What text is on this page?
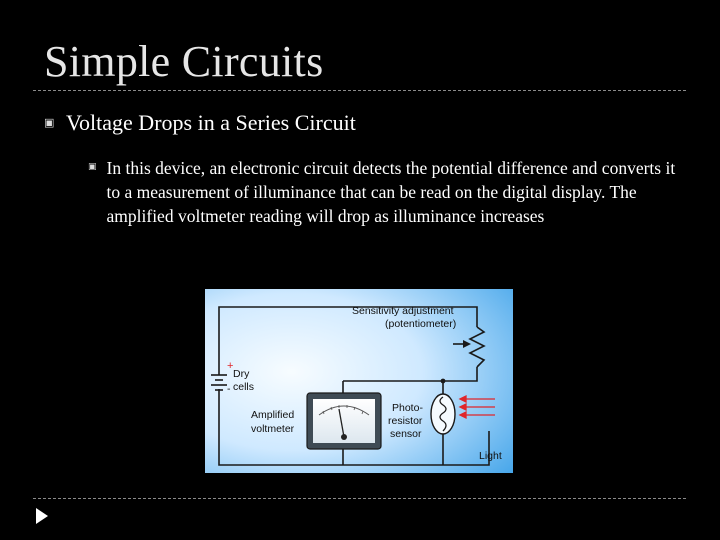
Simple Circuits
▣ Voltage Drops in a Series Circuit
▣ In this device, an electronic circuit detects the potential difference and converts it to a measurement of illuminance that can be read on the digital display. The amplified voltmeter reading will drop as illuminance increases
Sensitivity adjustment
(potentiometer)
+
Dry
- cells
Amplified
voltmeter
Photo-
resistor
sensor
Light
